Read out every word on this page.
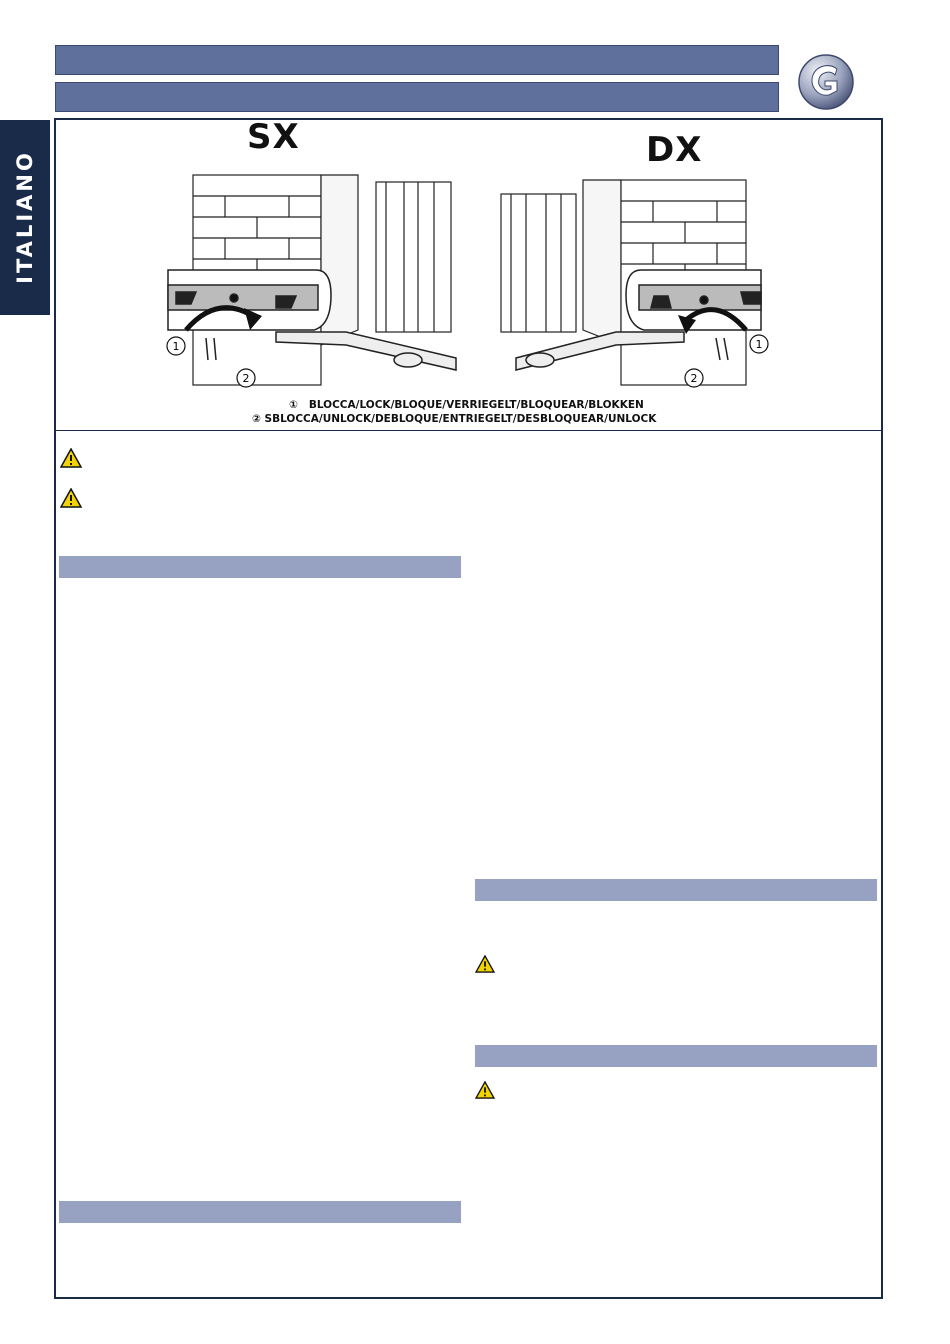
ITALIANO
1
2
1
2
SX	DX
① BLOCCA/LOCK/BLOQUE/VERRIEGELT/BLOQUEAR/BLOKKEN
② SBLOCCA/UNLOCK/DEBLOQUE/ENTRIEGELT/DESBLOQUEAR/UNLOCK
